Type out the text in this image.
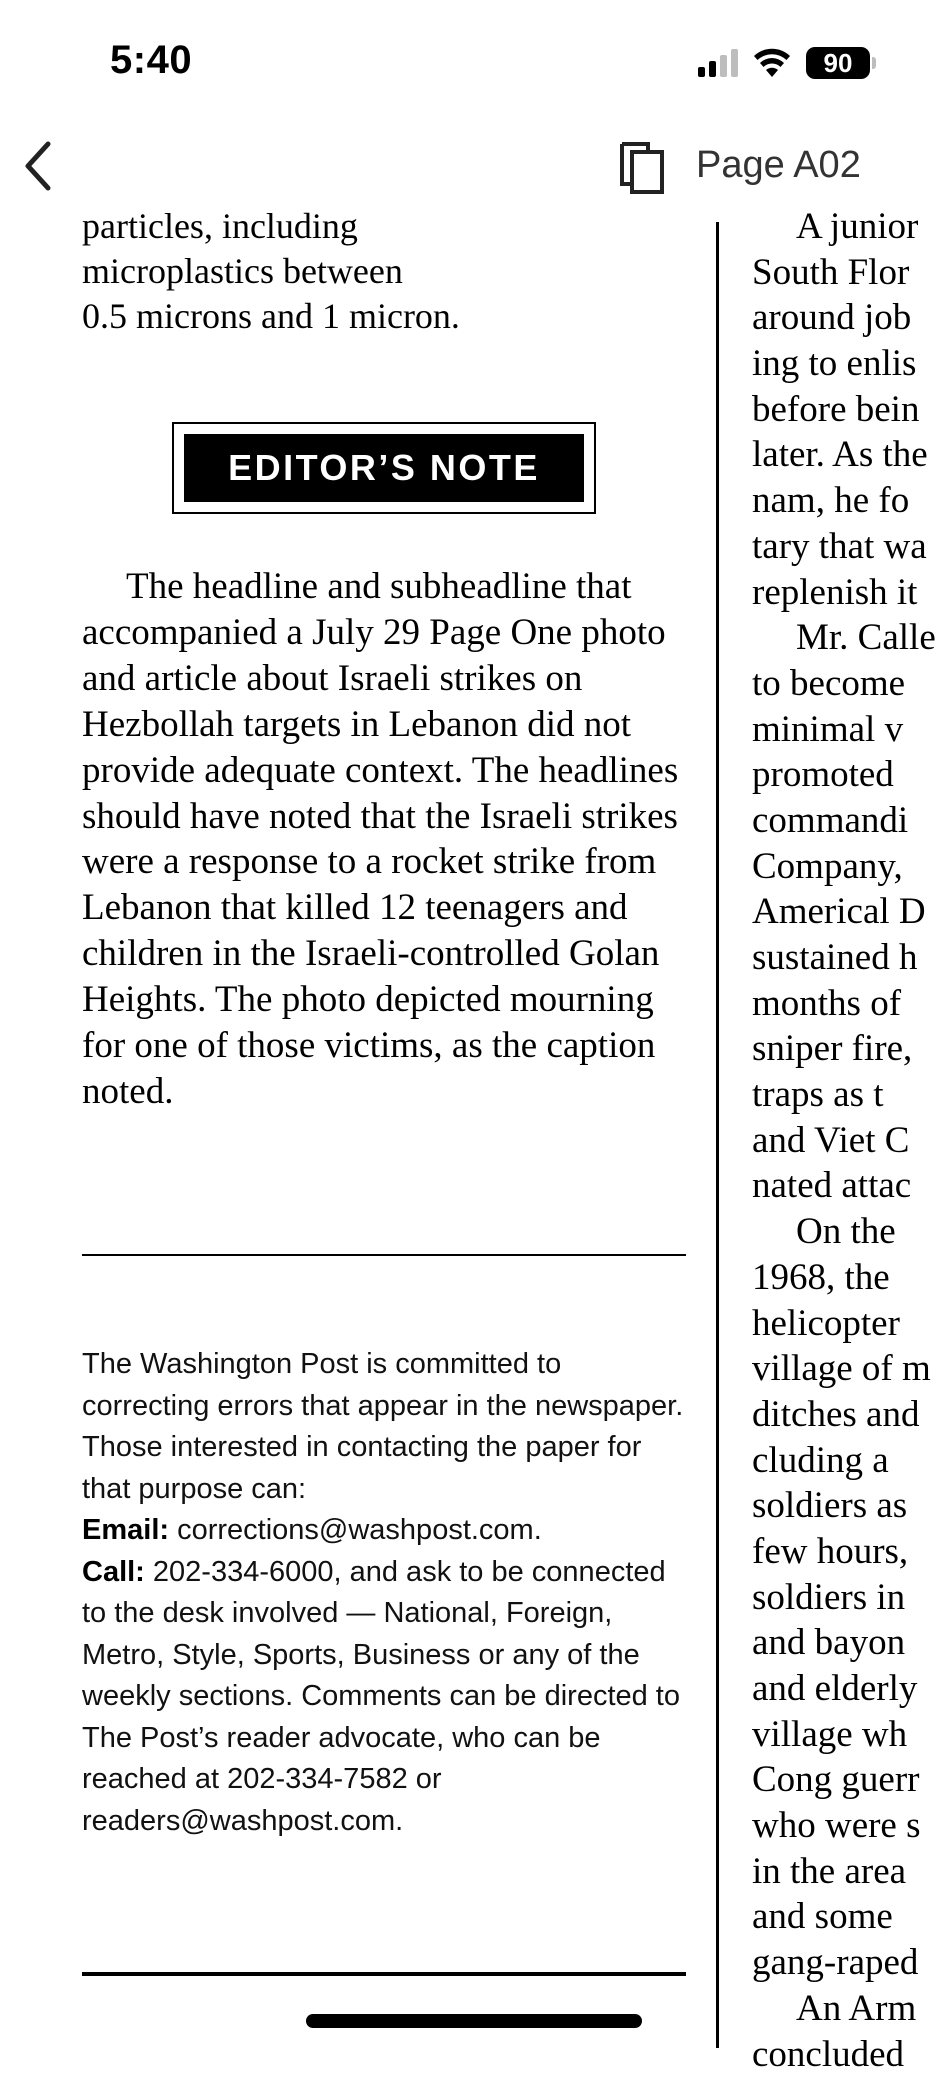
5:40	90
Page A02
particles, including
microplastics between
0.5 microns and 1 micron.
EDITOR’S NOTE
The headline and subheadline that accompanied a July 29 Page One photo and article about Israeli strikes on Hezbollah targets in Lebanon did not provide adequate context. The headlines should have noted that the Israeli strikes were a response to a rocket strike from Lebanon that killed 12 teenagers and children in the Israeli-controlled Golan Heights. The photo depicted mourning for one of those victims, as the caption noted.
The Washington Post is committed to correcting errors that appear in the newspaper. Those interested in contacting the paper for that purpose can:
Email: corrections@washpost.com.
Call: 202-334-6000, and ask to be connected to the desk involved — National, Foreign, Metro, Style, Sports, Business or any of the weekly sections. Comments can be directed to The Post’s reader advocate, who can be reached at 202-334-7582 or readers@washpost.com.
A junior
South Flor
around job
ing to enlis
before bein
later. As the
nam, he fo
tary that wa
replenish it
Mr. Calle
to become
minimal v
promoted
commandi
Company,
Americal D
sustained h
months of
sniper fire,
traps as t
and Viet C
nated attac
On the
1968, the
helicopter
village of m
ditches and
cluding a
soldiers as
few hours,
soldiers in
and bayon
and elderly
village wh
Cong guerr
who were s
in the area
and some
gang-raped
An Arm
concluded
